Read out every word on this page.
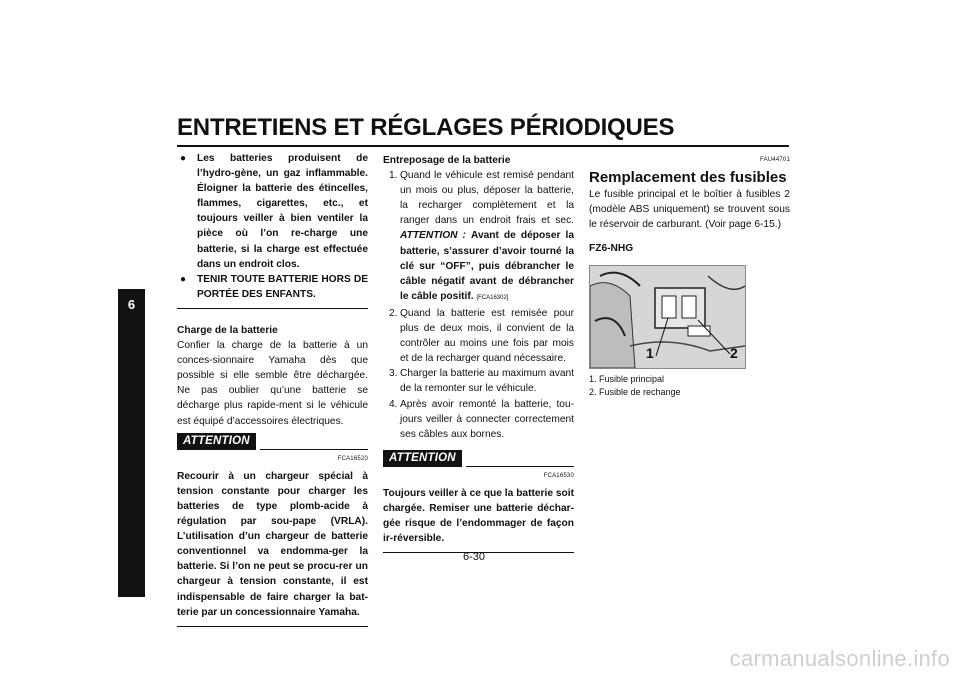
ENTRETIENS ET RÉGLAGES PÉRIODIQUES
6
● Les batteries produisent de l’hydro-gène, un gaz inflammable. Éloigner la batterie des étincelles, flammes, cigarettes, etc., et toujours veiller à bien ventiler la pièce où l’on re-charge une batterie, si la charge est effectuée dans un endroit clos.
● TENIR TOUTE BATTERIE HORS DE PORTÉE DES ENFANTS.
Charge de la batterie
Confier la charge de la batterie à un conces-sionnaire Yamaha dès que possible si elle semble être déchargée. Ne pas oublier qu’une batterie se décharge plus rapide-ment si le véhicule est équipé d’accessoires électriques.
ATTENTION
FCA16520
Recourir à un chargeur spécial à tension constante pour charger les batteries de type plomb-acide à régulation par sou-pape (VRLA). L’utilisation d’un chargeur de batterie conventionnel va endomma-ger la batterie. Si l’on ne peut se procu-rer un chargeur à tension constante, il est indispensable de faire charger la bat-terie par un concessionnaire Yamaha.
Entreposage de la batterie
1. Quand le véhicule est remisé pendant un mois ou plus, déposer la batterie, la recharger complètement et la ranger dans un endroit frais et sec. ATTENTION : Avant de déposer la batterie, s’assurer d’avoir tourné la clé sur “OFF”, puis débrancher le câble négatif avant de débrancher le câble positif. [FCA16302]
2. Quand la batterie est remisée pour plus de deux mois, il convient de la contrôler au moins une fois par mois et de la recharger quand nécessaire.
3. Charger la batterie au maximum avant de la remonter sur le véhicule.
4. Après avoir remonté la batterie, tou-jours veiller à connecter correctement ses câbles aux bornes.
ATTENTION
FCA16530
Toujours veiller à ce que la batterie soit chargée. Remiser une batterie déchar-gée risque de l’endommager de façon ir-réversible.
FAU44701
Remplacement des fusibles
Le fusible principal et le boîtier à fusibles 2 (modèle ABS uniquement) se trouvent sous le réservoir de carburant. (Voir page 6-15.)
FZ6-NHG
1	2
1. Fusible principal
2. Fusible de rechange
6-30
carmanualsonline.info
